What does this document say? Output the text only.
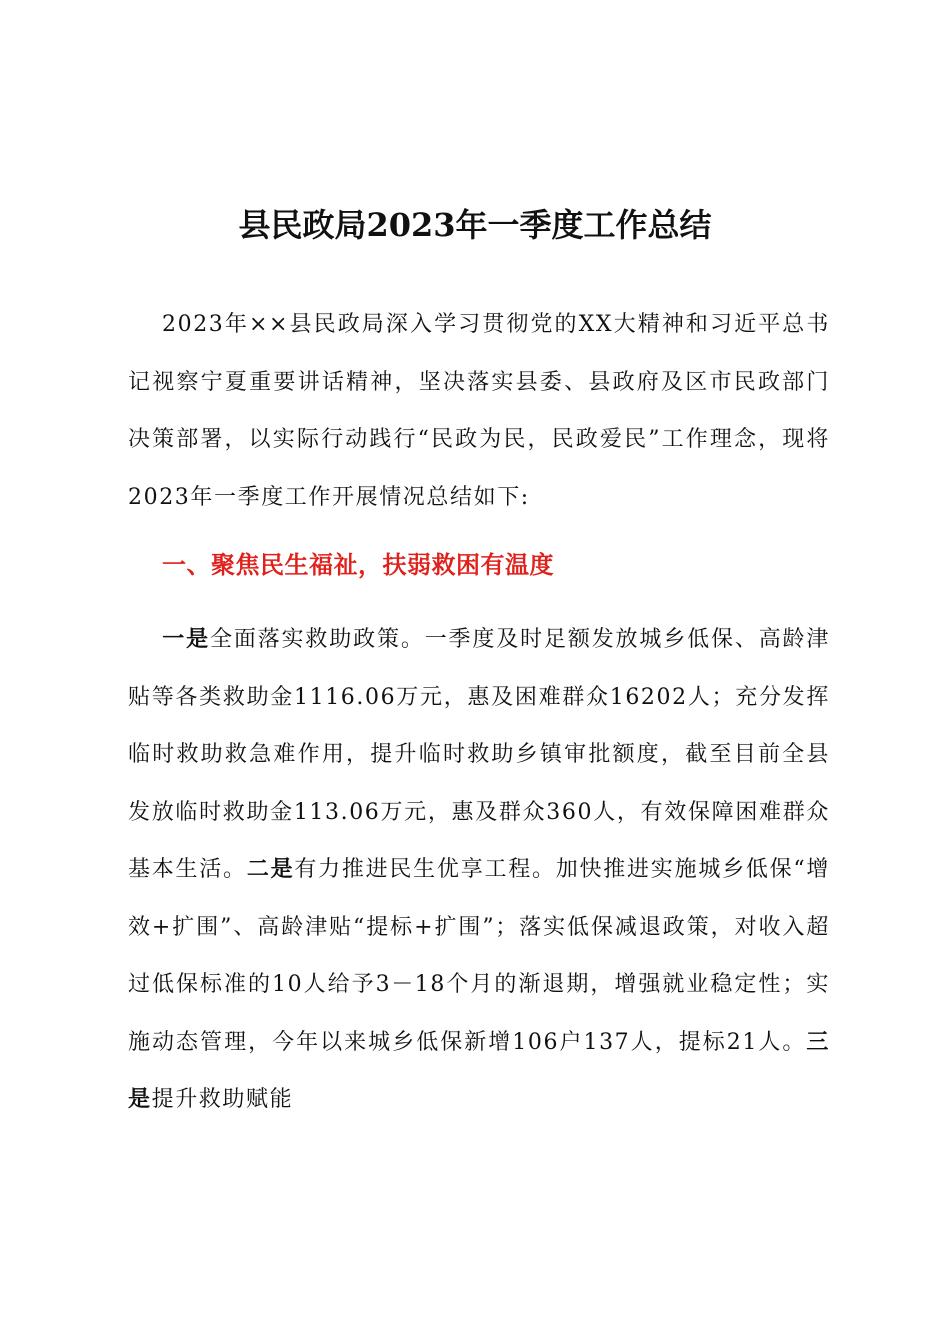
县民政局2023年一季度工作总结

2023年××县民政局深入学习贯彻党的XX大精神和习近平总书记视察宁夏重要讲话精神，坚决落实县委、县政府及区市民政部门决策部署，以实际行动践行“民政为民，民政爱民”工作理念，现将2023年一季度工作开展情况总结如下:

一、聚焦民生福祉，扶弱救困有温度

一是全面落实救助政策。一季度及时足额发放城乡低保、高龄津贴等各类救助金1116.06万元，惠及困难群众16202人；充分发挥临时救助救急难作用，提升临时救助乡镇审批额度，截至目前全县发放临时救助金113.06万元，惠及群众360人，有效保障困难群众基本生活。二是有力推进民生优享工程。加快推进实施城乡低保“增效+扩围”、高龄津贴“提标+扩围”；落实低保减退政策，对收入超过低保标准的10人给予3－18个月的渐退期，增强就业稳定性；实施动态管理，今年以来城乡低保新增106户137人，提标21人。三是提升救助赋能
